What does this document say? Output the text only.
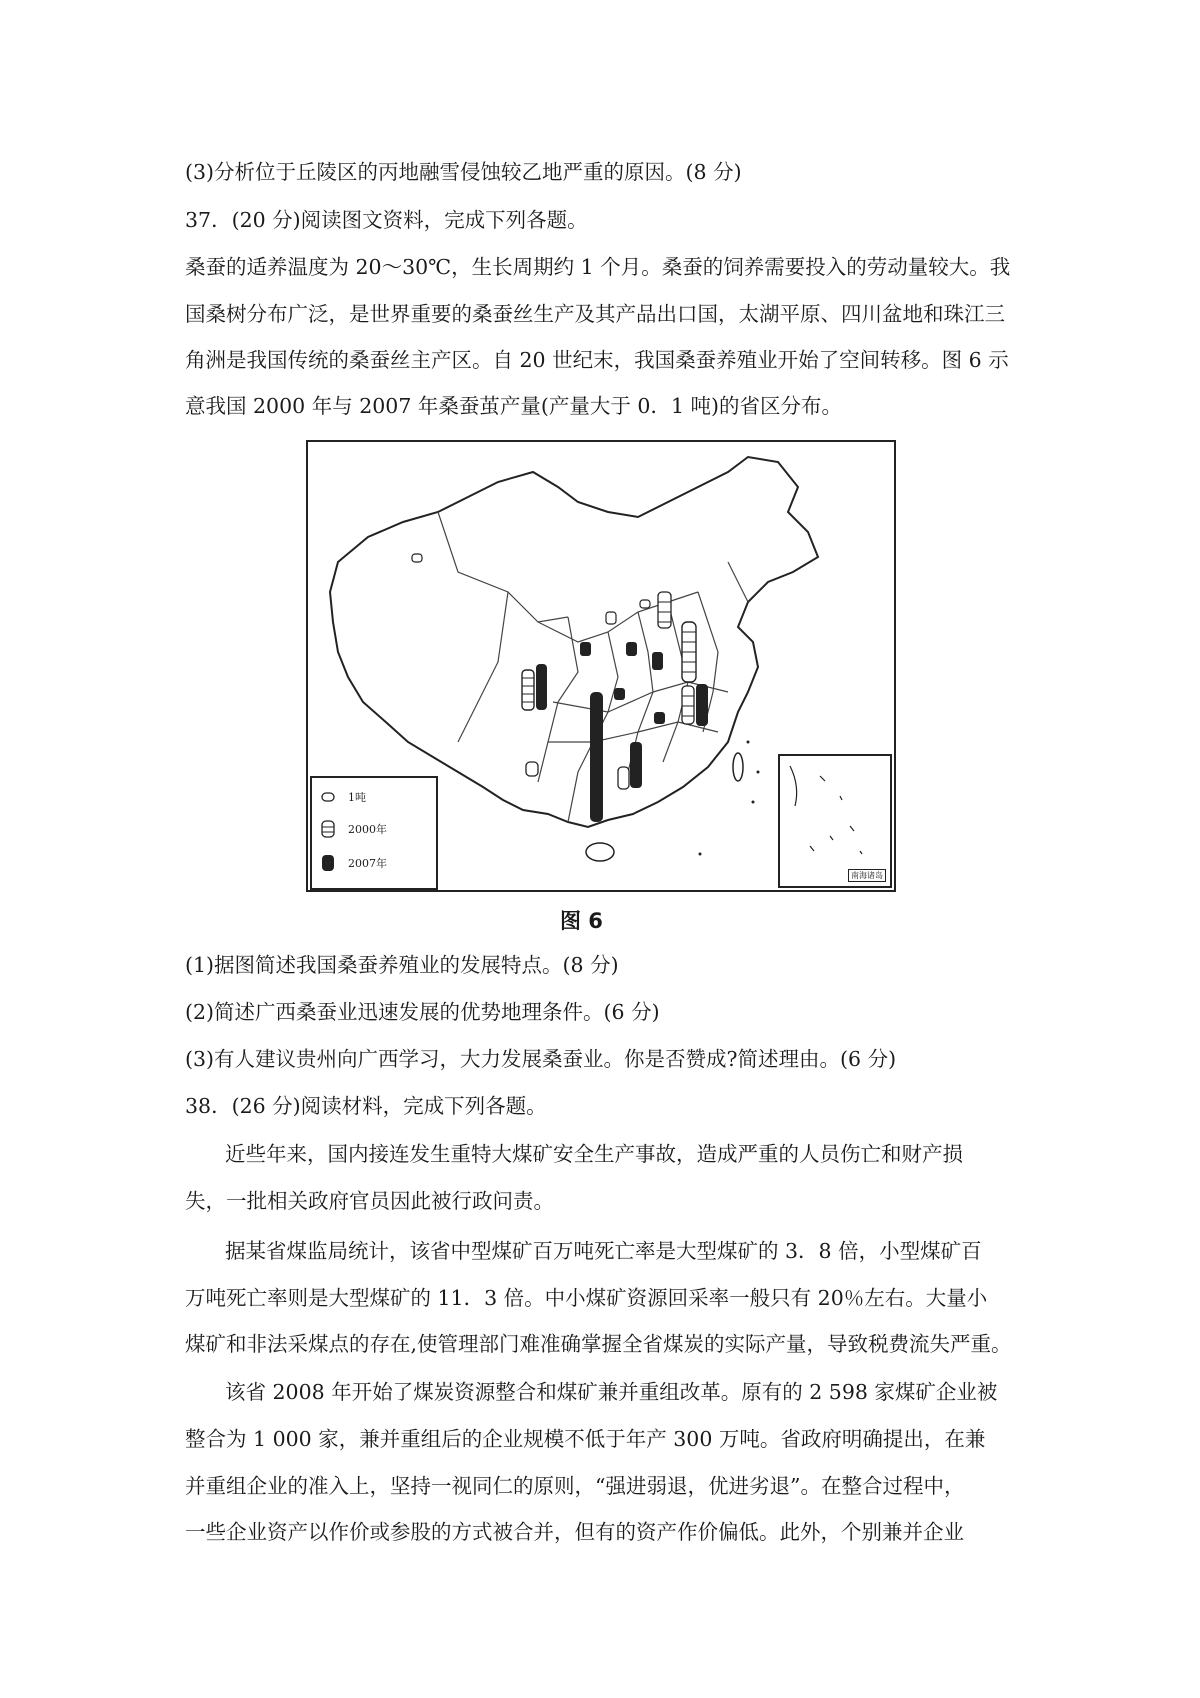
(3)分析位于丘陵区的丙地融雪侵蚀较乙地严重的原因。(8 分)
37．(20 分)阅读图文资料，完成下列各题。
桑蚕的适养温度为 20～30℃，生长周期约 1 个月。桑蚕的饲养需要投入的劳动量较大。我
国桑树分布广泛，是世界重要的桑蚕丝生产及其产品出口国，太湖平原、四川盆地和珠江三
角洲是我国传统的桑蚕丝主产区。自 20 世纪末，我国桑蚕养殖业开始了空间转移。图 6 示
意我国 2000 年与 2007 年桑蚕茧产量(产量大于 0．1 吨)的省区分布。
1吨
2000年
2007年
南海诸岛
图 6
(1)据图简述我国桑蚕养殖业的发展特点。(8 分)
(2)简述广西桑蚕业迅速发展的优势地理条件。(6 分)
(3)有人建议贵州向广西学习，大力发展桑蚕业。你是否赞成?简述理由。(6 分)
38．(26 分)阅读材料，完成下列各题。
近些年来，国内接连发生重特大煤矿安全生产事故，造成严重的人员伤亡和财产损
失，一批相关政府官员因此被行政问责。
据某省煤监局统计，该省中型煤矿百万吨死亡率是大型煤矿的 3．8 倍，小型煤矿百
万吨死亡率则是大型煤矿的 11．3 倍。中小煤矿资源回采率一般只有 20％左右。大量小
煤矿和非法采煤点的存在,使管理部门难准确掌握全省煤炭的实际产量，导致税费流失严重。
该省 2008 年开始了煤炭资源整合和煤矿兼并重组改革。原有的 2 598 家煤矿企业被
整合为 1 000 家，兼并重组后的企业规模不低于年产 300 万吨。省政府明确提出，在兼
并重组企业的准入上，坚持一视同仁的原则，“强进弱退，优进劣退”。在整合过程中，
一些企业资产以作价或参股的方式被合并，但有的资产作价偏低。此外，个别兼并企业
